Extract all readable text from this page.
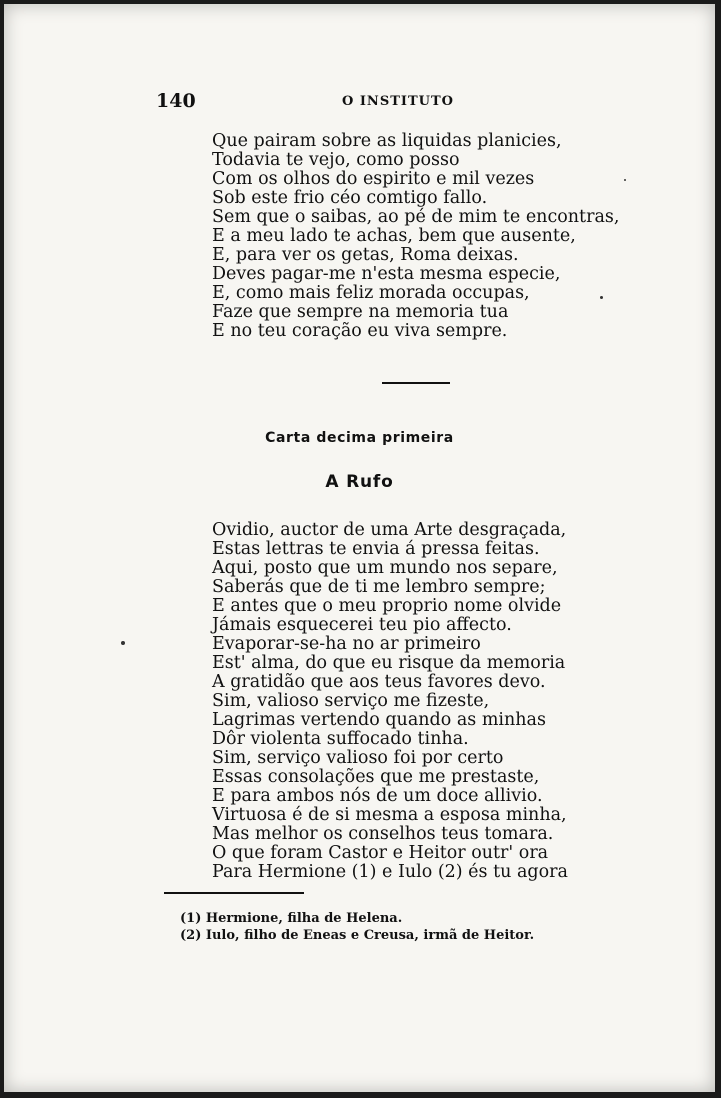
140	O INSTITUTO
Que pairam sobre as liquidas planicies,
Todavia te vejo, como posso
Com os olhos do espirito e mil vezes
Sob este frio céo comtigo fallo.
Sem que o saibas, ao pé de mim te encontras,
E a meu lado te achas, bem que ausente,
E, para ver os getas, Roma deixas.
Deves pagar-me n'esta mesma especie,
E, como mais feliz morada occupas,
Faze que sempre na memoria tua
E no teu coração eu viva sempre.
Carta decima primeira
A Rufo
Ovidio, auctor de uma Arte desgraçada,
Estas lettras te envia á pressa feitas.
Aqui, posto que um mundo nos separe,
Saberás que de ti me lembro sempre;
E antes que o meu proprio nome olvide
Jámais esquecerei teu pio affecto.
Evaporar-se-ha no ar primeiro
Est' alma, do que eu risque da memoria
A gratidão que aos teus favores devo.
Sim, valioso serviço me fizeste,
Lagrimas vertendo quando as minhas
Dôr violenta suffocado tinha.
Sim, serviço valioso foi por certo
Essas consolações que me prestaste,
E para ambos nós de um doce allivio.
Virtuosa é de si mesma a esposa minha,
Mas melhor os conselhos teus tomara.
O que foram Castor e Heitor outr' ora
Para Hermione (1) e Iulo (2) és tu agora
(1) Hermione, filha de Helena.
(2) Iulo, filho de Eneas e Creusa, irmã de Heitor.
